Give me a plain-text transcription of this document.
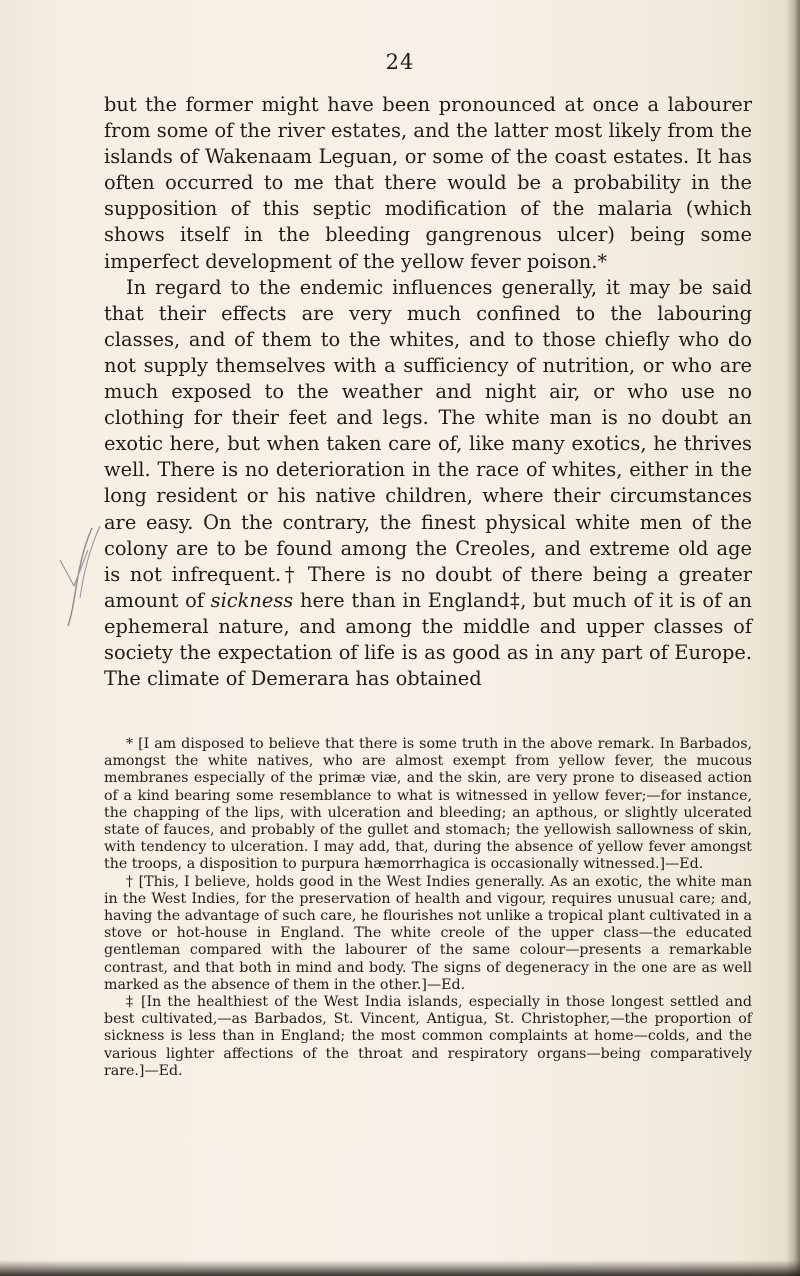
24

but the former might have been pronounced at once a labourer from some of the river estates, and the latter most likely from the islands of Wakenaam Leguan, or some of the coast estates. It has often occurred to me that there would be a probability in the supposition of this septic modification of the malaria (which shows itself in the bleeding gangrenous ulcer) being some imperfect development of the yellow fever poison.*

In regard to the endemic influences generally, it may be said that their effects are very much confined to the labouring classes, and of them to the whites, and to those chiefly who do not supply themselves with a sufficiency of nutrition, or who are much exposed to the weather and night air, or who use no clothing for their feet and legs. The white man is no doubt an exotic here, but when taken care of, like many exotics, he thrives well. There is no deterioration in the race of whites, either in the long resident or his native children, where their circumstances are easy. On the contrary, the finest physical white men of the colony are to be found among the Creoles, and extreme old age is not infrequent.† There is no doubt of there being a greater amount of sickness here than in England‡, but much of it is of an ephemeral nature, and among the middle and upper classes of society the expectation of life is as good as in any part of Europe. The climate of Demerara has obtained

* [I am disposed to believe that there is some truth in the above remark. In Barbados, amongst the white natives, who are almost exempt from yellow fever, the mucous membranes especially of the primæ viæ, and the skin, are very prone to diseased action of a kind bearing some resemblance to what is witnessed in yellow fever;—for instance, the chapping of the lips, with ulceration and bleeding; an apthous, or slightly ulcerated state of fauces, and probably of the gullet and stomach; the yellowish sallowness of skin, with tendency to ulceration. I may add, that, during the absence of yellow fever amongst the troops, a disposition to purpura hæmorrhagica is occasionally witnessed.]—Ed.

† [This, I believe, holds good in the West Indies generally. As an exotic, the white man in the West Indies, for the preservation of health and vigour, requires unusual care; and, having the advantage of such care, he flourishes not unlike a tropical plant cultivated in a stove or hot-house in England. The white creole of the upper class—the educated gentleman compared with the labourer of the same colour—presents a remarkable contrast, and that both in mind and body. The signs of degeneracy in the one are as well marked as the absence of them in the other.]—Ed.

‡ [In the healthiest of the West India islands, especially in those longest settled and best cultivated,—as Barbados, St. Vincent, Antigua, St. Christopher,—the proportion of sickness is less than in England; the most common complaints at home—colds, and the various lighter affections of the throat and respiratory organs—being comparatively rare.]—Ed.
